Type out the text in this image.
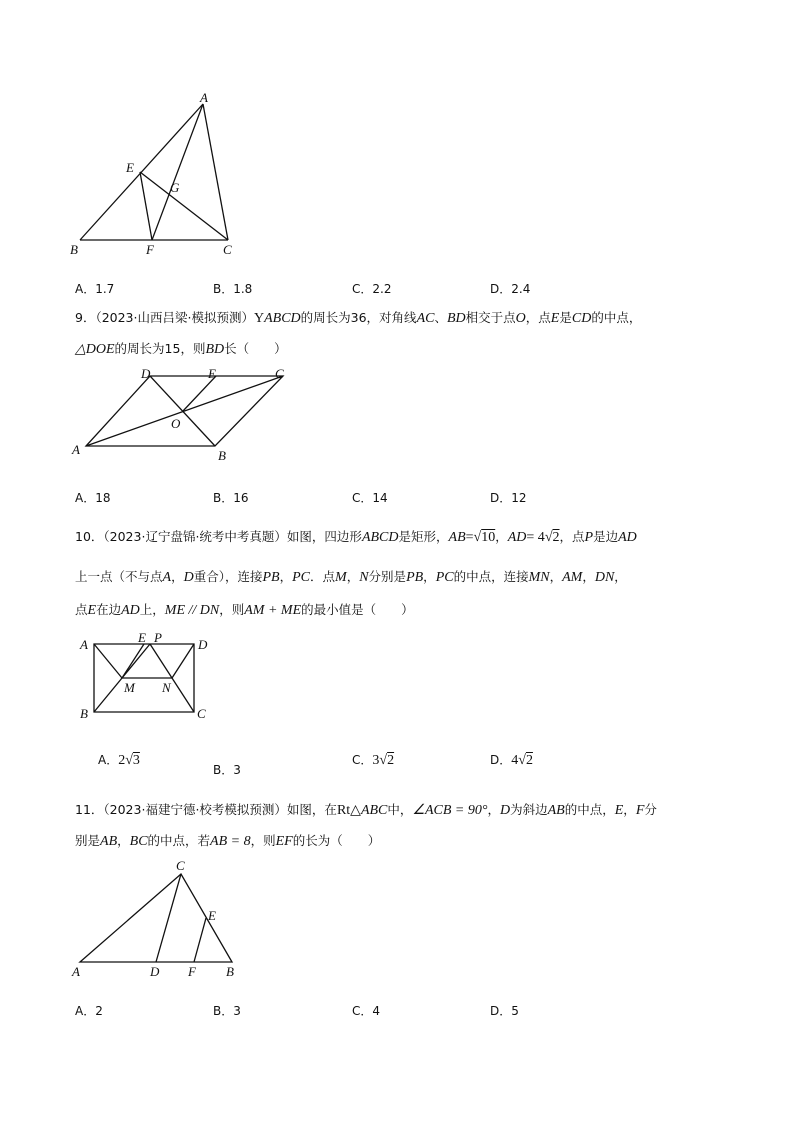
A
E
G
B	F	C
A．1.7	B．1.8	C．2.2	D．2.4
9．（2023·山西吕梁·模拟预测）YABCD的周长为36，对角线AC、BD相交于点O，点E是CD的中点，
△DOE的周长为15，则BD长（　　）
D	E	C
O
A	B
A．18	B．16	C．14	D．12
10．（2023·辽宁盘锦·统考中考真题）如图，四边形ABCD是矩形，AB=√10，AD= 4√2，点P是边AD
上一点（不与点A，D重合），连接PB，PC．点M，N分别是PB，PC的中点，连接MN，AM，DN，
点E在边AD上，ME // DN，则AM + ME的最小值是（　　）
A	E P	D
M N
B	C
A．2√3
B．3
C．3√2	D．4√2
11．（2023·福建宁德·校考模拟预测）如图，在Rt△ABC中，∠ACB = 90°，D为斜边AB的中点，E，F分
别是AB，BC的中点，若AB = 8，则EF的长为（　　）
C
E
A	D F B
A．2	B．3	C．4	D．5
